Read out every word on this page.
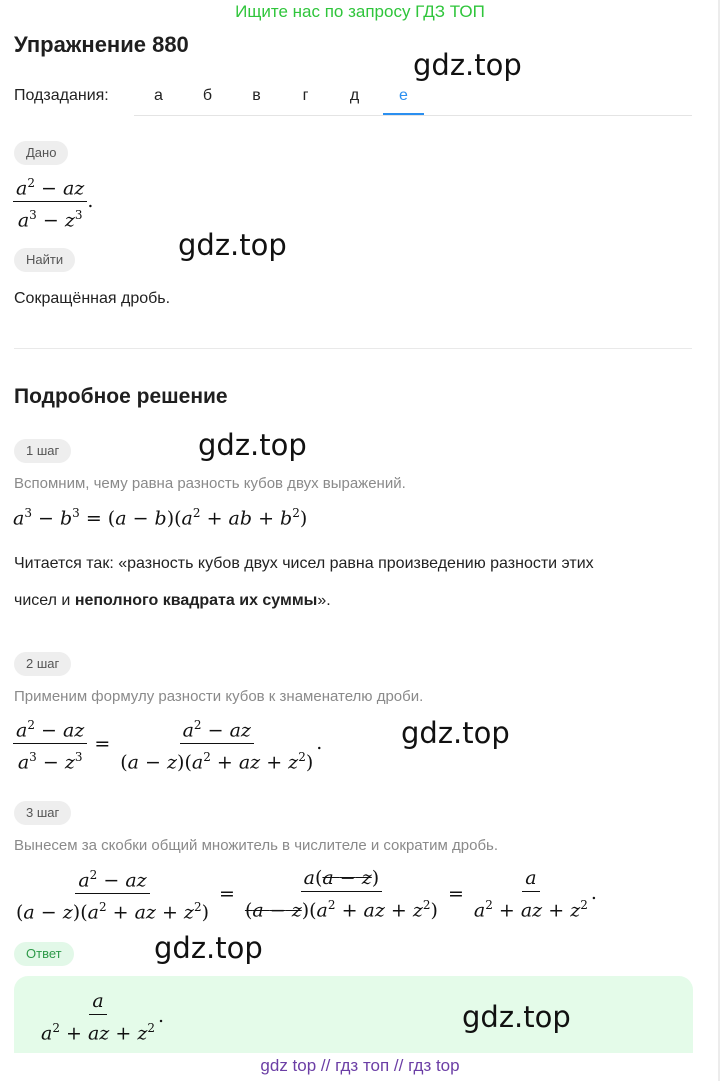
Ищите нас по запросу ГДЗ ТОП
Упражнение 880
gdz.top
Подзадания:	а	б	в	г	д	е
Дано
$\frac{a^2 - az}{a^3 - z^3}$ .
gdz.top
Найти
Сокращённая дробь.
Подробное решение
1 шаг	gdz.top
Вспомним, чему равна разность кубов двух выражений.
$a^3 - b^3 = (a - b)(a^2$ + ab + $b^2$)
Читается так: «разность кубов двух чисел равна произведению разности этих
чисел и неполного квадрата их суммы».
2 шаг
Применим формулу разности кубов к знаменателю дроби.
$\frac{a^2 - az}{a^3 - z^3} = \frac{a^2 - az}{(a - z)(a^2 + az + z^2)}$ .	gdz.top
3 шаг
Вынесем за скобки общий множитель в числителе и сократим дробь.
$\frac{a^2 - az}{(a - z)(a^2 + az + z^2)} = \frac{a(a - z)}{(a - z)(a^2 + az + z^2)} = \frac{a}{a^2 + az + z^2}$ .
Ответ	gdz.top
$\frac{a}{a^2 + az + z^2}$ .	gdz.top
gdz top // гдз топ // гдз top
